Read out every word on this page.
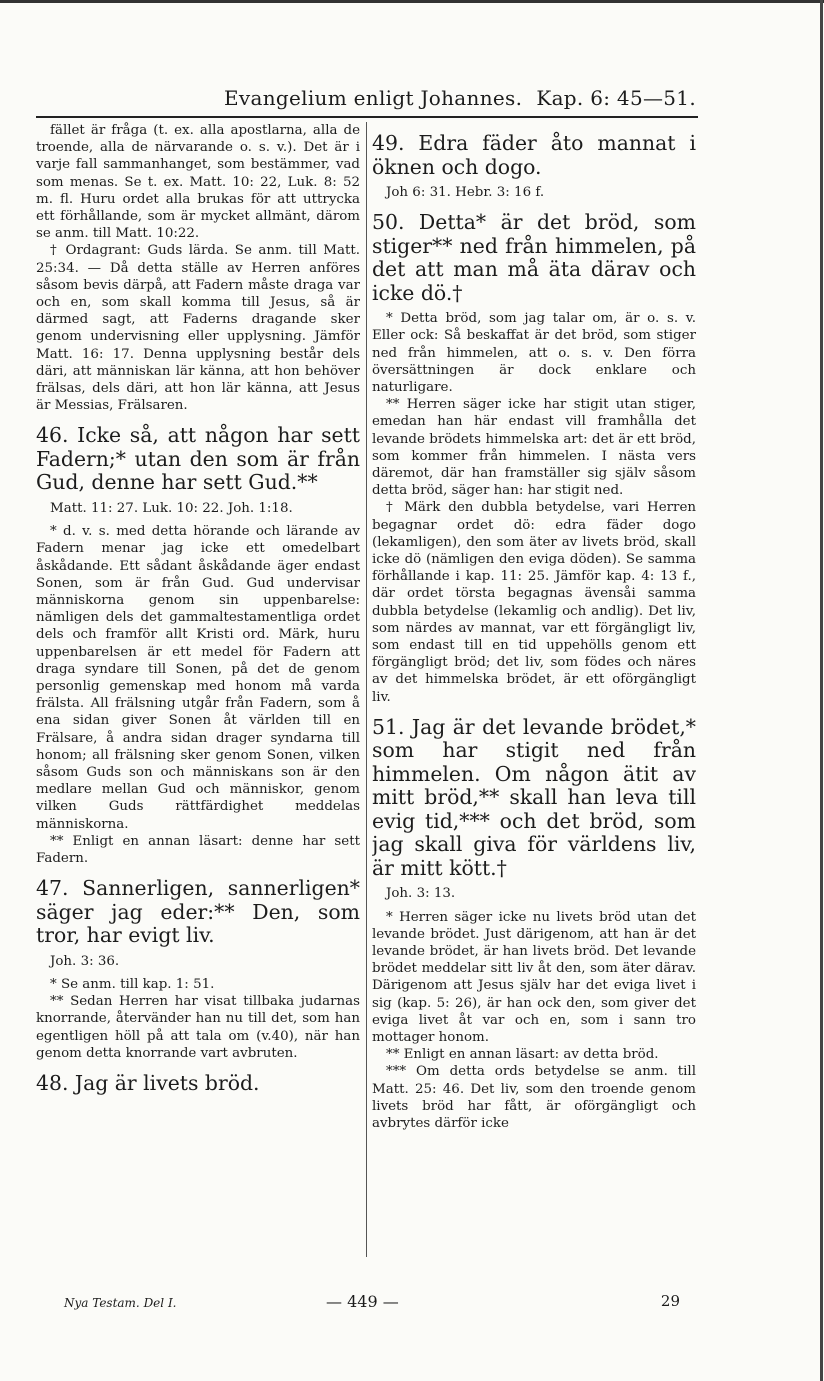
Evangelium enligt Johannes. Kap. 6: 45—51.

fället är fråga (t. ex. alla apostlarna, alla de troende, alla de närvarande o. s. v.). Det är i varje fall sammanhanget, som bestämmer, vad som menas. Se t. ex. Matt. 10: 22, Luk. 8: 52 m. fl. Huru ordet alla brukas för att uttrycka ett förhållande, som är mycket allmänt, därom se anm. till Matt. 10:22.

† Ordagrant: Guds lärda. Se anm. till Matt. 25:34. — Då detta ställe av Herren anföres såsom bevis därpå, att Fadern måste draga var och en, som skall komma till Jesus, så är därmed sagt, att Faderns dragande sker genom undervisning eller upplysning. Jämför Matt. 16: 17. Denna upplysning består dels däri, att människan lär känna, att hon behöver frälsas, dels däri, att hon lär känna, att Jesus är Messias, Frälsaren.

46. Icke så, att någon har sett Fadern;* utan den som är från Gud, denne har sett Gud.**

Matt. 11: 27. Luk. 10: 22. Joh. 1:18.

* d. v. s. med detta hörande och lärande av Fadern menar jag icke ett omedelbart åskådande. Ett sådant åskådande äger endast Sonen, som är från Gud. Gud undervisar människorna genom sin uppenbarelse: nämligen dels det gammaltestamentliga ordet dels och framför allt Kristi ord. Märk, huru uppenbarelsen är ett medel för Fadern att draga syndare till Sonen, på det de genom personlig gemenskap med honom må varda frälsta. All frälsning utgår från Fadern, som å ena sidan giver Sonen åt världen till en Frälsare, å andra sidan drager syndarna till honom; all frälsning sker genom Sonen, vilken såsom Guds son och människans son är den medlare mellan Gud och människor, genom vilken Guds rättfärdighet meddelas människorna.

** Enligt en annan läsart: denne har sett Fadern.

47. Sannerligen, sannerligen* säger jag eder:** Den, som tror, har evigt liv.

Joh. 3: 36.

* Se anm. till kap. 1: 51.

** Sedan Herren har visat tillbaka judarnas knorrande, återvänder han nu till det, som han egentligen höll på att tala om (v.40), när han genom detta knorrande vart avbruten.

48. Jag är livets bröd.

49. Edra fäder åto mannat i öknen och dogo.

Joh 6: 31. Hebr. 3: 16 f.

50. Detta* är det bröd, som stiger** ned från himmelen, på det att man må äta därav och icke dö.†

* Detta bröd, som jag talar om, är o. s. v. Eller ock: Så beskaffat är det bröd, som stiger ned från himmelen, att o. s. v. Den förra översättningen är dock enklare och naturligare.

** Herren säger icke har stigit utan stiger, emedan han här endast vill framhålla det levande brödets himmelska art: det är ett bröd, som kommer från himmelen. I nästa vers däremot, där han framställer sig själv såsom detta bröd, säger han: har stigit ned.

† Märk den dubbla betydelse, vari Herren begagnar ordet dö: edra fäder dogo (lekamligen), den som äter av livets bröd, skall icke dö (nämligen den eviga döden). Se samma förhållande i kap. 11: 25. Jämför kap. 4: 13 f., där ordet törsta begagnas ävensåi samma dubbla betydelse (lekamlig och andlig). Det liv, som närdes av mannat, var ett förgängligt liv, som endast till en tid uppehölls genom ett förgängligt bröd; det liv, som födes och näres av det himmelska brödet, är ett oförgängligt liv.

51. Jag är det levande brödet,* som har stigit ned från himmelen. Om någon ätit av mitt bröd,** skall han leva till evig tid,*** och det bröd, som jag skall giva för världens liv, är mitt kött.†

Joh. 3: 13.

* Herren säger icke nu livets bröd utan det levande brödet. Just därigenom, att han är det levande brödet, är han livets bröd. Det levande brödet meddelar sitt liv åt den, som äter därav. Därigenom att Jesus själv har det eviga livet i sig (kap. 5: 26), är han ock den, som giver det eviga livet åt var och en, som i sann tro mottager honom.

** Enligt en annan läsart: av detta bröd.

*** Om detta ords betydelse se anm. till Matt. 25: 46. Det liv, som den troende genom livets bröd har fått, är oförgängligt och avbrytes därför icke

Nya Testam. Del I.	— 449 —	29
